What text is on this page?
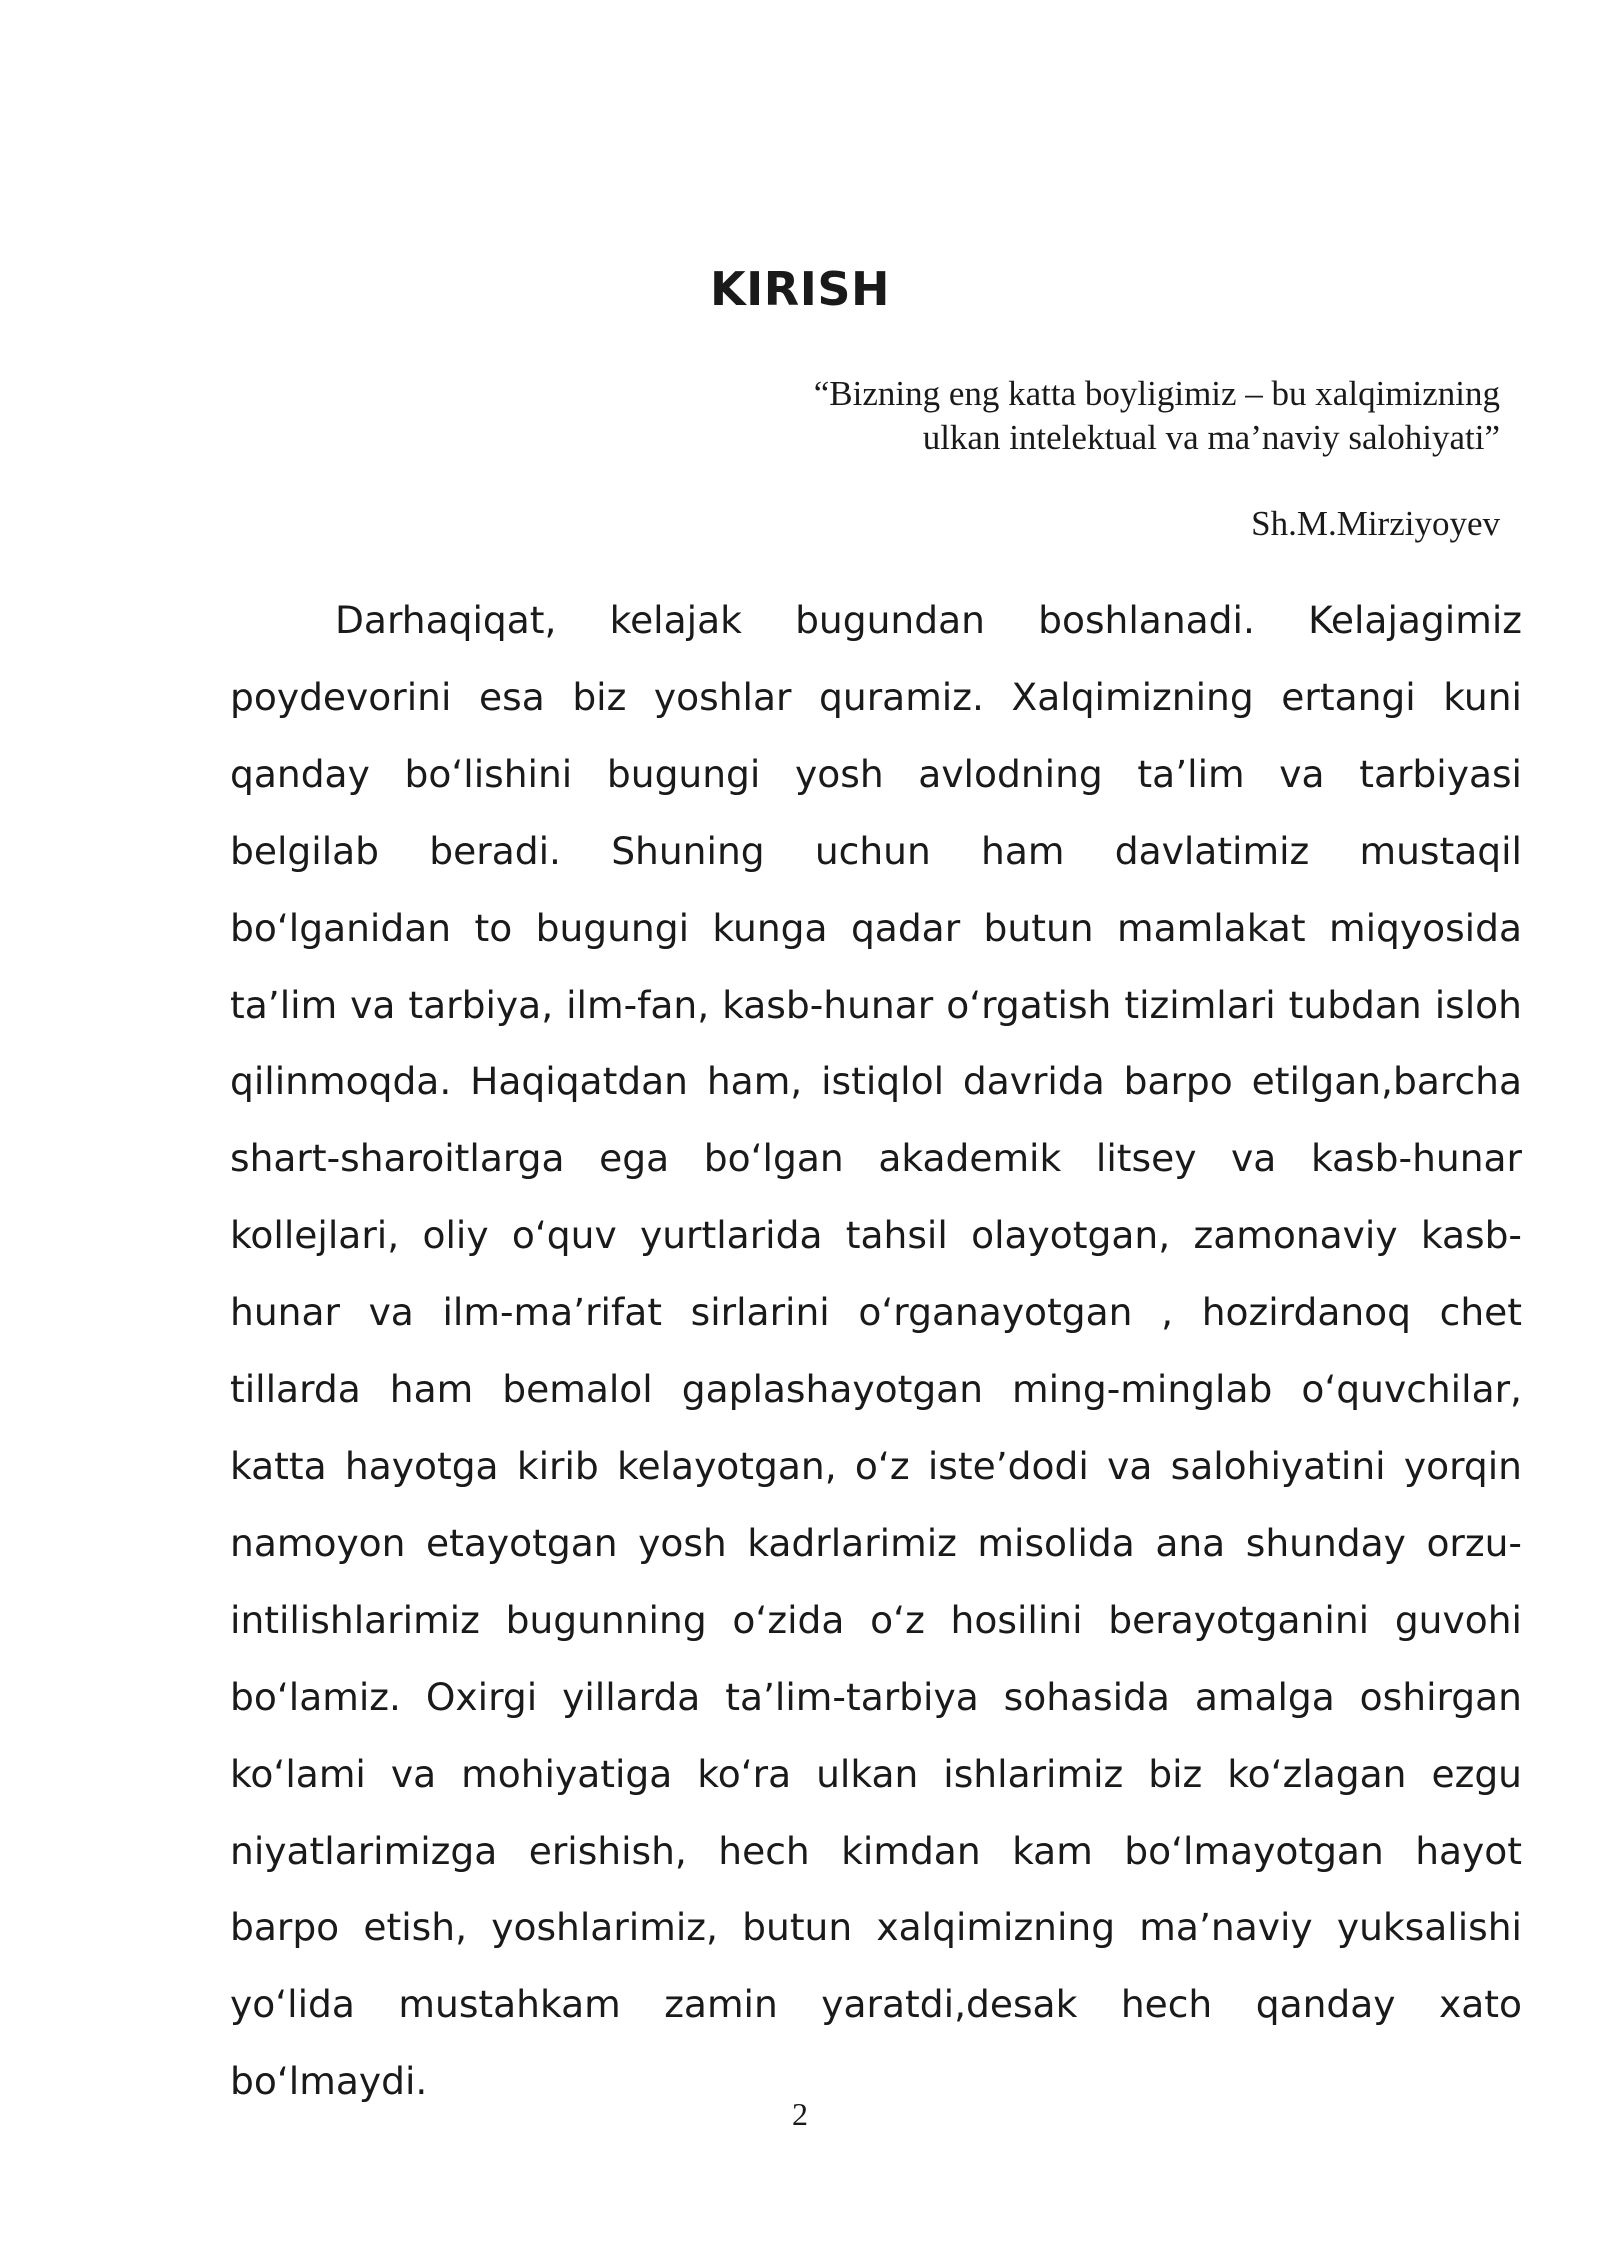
KIRISH
“Bizning eng katta boyligimiz – bu xalqimizning
ulkan intelektual va ma’naviy salohiyati”
Sh.M.Mirziyoyev

Darhaqiqat, kelajak bugundan boshlanadi. Kelajagimiz poydevorini esa biz yoshlar quramiz. Xalqimizning ertangi kuni qanday boʻlishini bugungi yosh avlodning ta’lim va tarbiyasi belgilab beradi. Shuning uchun ham davlatimiz mustaqil boʻlganidan to bugungi kunga qadar butun mamlakat miqyosida ta’lim va tarbiya, ilm-fan, kasb-hunar oʻrgatish tizimlari tubdan isloh qilinmoqda. Haqiqatdan ham, istiqlol davrida barpo etilgan,barcha shart-sharoitlarga ega boʻlgan akademik litsey va kasb-hunar kollejlari, oliy oʻquv yurtlarida tahsil olayotgan, zamonaviy kasb-hunar va ilm-ma’rifat sirlarini oʻrganayotgan , hozirdanoq chet tillarda ham bemalol gaplashayotgan ming-minglab oʻquvchilar, katta hayotga kirib kelayotgan, oʻz iste’dodi va salohiyatini yorqin namoyon etayotgan yosh kadrlarimiz misolida ana shunday orzu-intilishlarimiz bugunning oʻzida oʻz hosilini berayotganini guvohi boʻlamiz. Oxirgi yillarda ta’lim-tarbiya sohasida amalga oshirgan koʻlami va mohiyatiga koʻra ulkan ishlarimiz biz koʻzlagan ezgu niyatlarimizga erishish, hech kimdan kam boʻlmayotgan hayot barpo etish, yoshlarimiz, butun xalqimizning ma’naviy yuksalishi yoʻlida mustahkam zamin yaratdi,desak hech qanday xato boʻlmaydi.

2
